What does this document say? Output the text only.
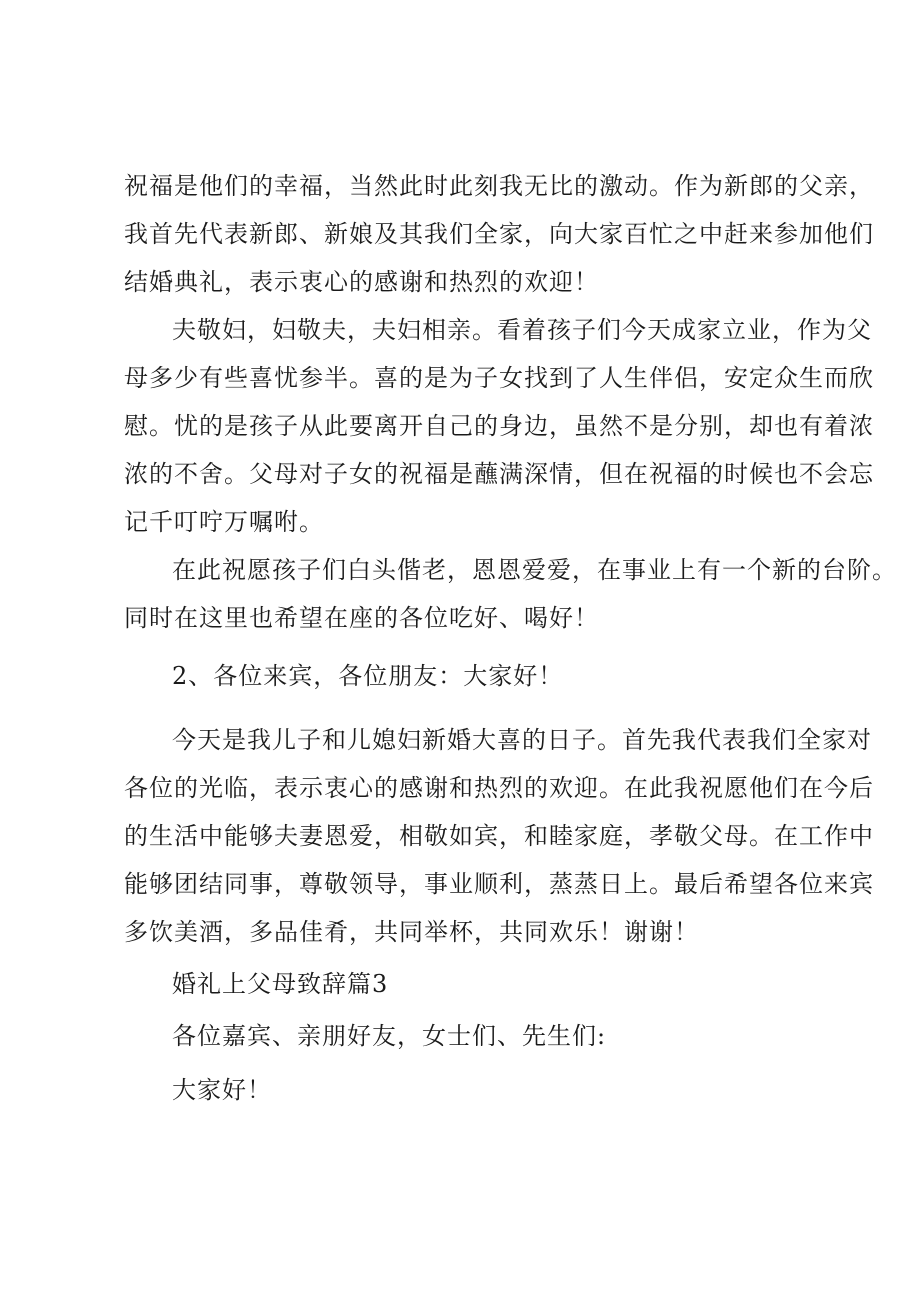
祝福是他们的幸福，当然此时此刻我无比的激动。作为新郎的父亲，
我首先代表新郎、新娘及其我们全家，向大家百忙之中赶来参加他们
结婚典礼，表示衷心的感谢和热烈的欢迎！
夫敬妇，妇敬夫，夫妇相亲。看着孩子们今天成家立业，作为父
母多少有些喜忧参半。喜的是为子女找到了人生伴侣，安定众生而欣
慰。忧的是孩子从此要离开自己的身边，虽然不是分别，却也有着浓
浓的不舍。父母对子女的祝福是蘸满深情，但在祝福的时候也不会忘
记千叮咛万嘱咐。
在此祝愿孩子们白头偕老，恩恩爱爱，在事业上有一个新的台阶。
同时在这里也希望在座的各位吃好、喝好！
2、各位来宾，各位朋友：大家好！
今天是我儿子和儿媳妇新婚大喜的日子。首先我代表我们全家对
各位的光临，表示衷心的感谢和热烈的欢迎。在此我祝愿他们在今后
的生活中能够夫妻恩爱，相敬如宾，和睦家庭，孝敬父母。在工作中
能够团结同事，尊敬领导，事业顺利，蒸蒸日上。最后希望各位来宾
多饮美酒，多品佳肴，共同举杯，共同欢乐！谢谢！
婚礼上父母致辞篇3
各位嘉宾、亲朋好友，女士们、先生们:
大家好！
